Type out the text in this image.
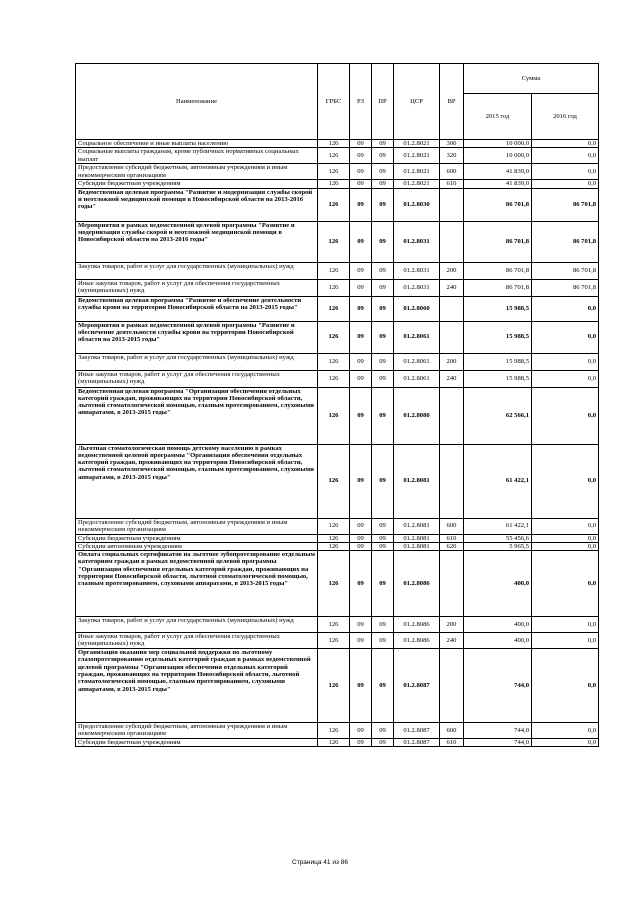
Наименование	ГРБС	РЗ	ПР	ЦСР	ВР	Сумма	
						2015 год	2016 год
Социальное обеспечение и иные выплаты населению	126	09	09	01.2.8021	300	10 000,0	0,0
Социальные выплаты гражданам, кроме публичных нормативных социальных выплат	126	09	09	01.2.8021	320	10 000,0	0,0
Предоставление субсидий бюджетным, автономным учреждениям и иным некоммерческим организациям	126	09	09	01.2.8021	600	41 839,0	0,0
Субсидии бюджетным учреждениям	126	09	09	01.2.8021	610	41 839,0	0,0
Ведомственная целевая программа "Развитие и модернизация службы скорой и неотложной медицинской помощи в Новосибирской области на 2013-2016 годы"	126	09	09	01.2.8030		86 701,8	86 701,8
Мероприятия в рамках ведомственной целевой программы "Развитие и модернизация службы скорой и неотложной медицинской помощи в Новосибирской области на 2013-2016 годы"	126	09	09	01.2.8031		86 701,8	86 701,8
Закупка товаров, работ и услуг для государственных (муниципальных) нужд	126	09	09	01.2.8031	200	86 701,8	86 701,8
Иные закупки товаров, работ и услуг для обеспечения государственных (муниципальных) нужд	126	09	09	01.2.8031	240	86 701,8	86 701,8
Ведомственная целевая программа "Развитие и обеспечение деятельности службы крови на территории Новосибирской области на 2013-2015 годы"	126	09	09	01.2.8060		15 988,5	0,0
Мероприятия в рамках ведомственной целевой программы "Развитие и обеспечение деятельности службы крови на территории Новосибирской области на 2013-2015 годы"	126	09	09	01.2.8061		15 988,5	0,0
Закупка товаров, работ и услуг для государственных (муниципальных) нужд	126	09	09	01.2.8061	200	15 988,5	0,0
Иные закупки товаров, работ и услуг для обеспечения государственных (муниципальных) нужд	126	09	09	01.2.8061	240	15 988,5	0,0
Ведомственная целевая программа "Организация обеспечения отдельных категорий граждан, проживающих на территории Новосибирской области, льготной стоматологической помощью, глазным протезированием, слуховыми аппаратами, в 2013-2015 годы"	126	09	09	01.2.8080		62 566,1	0,0
Льготная стоматологическая помощь детскому населению в рамках ведомственной целевой программы "Организация обеспечения отдельных категорий граждан, проживающих на территории Новосибирской области, льготной стоматологической помощью, глазным протезированием, слуховыми аппаратами, в 2013-2015 годы"	126	09	09	01.2.8081		61 422,1	0,0
Предоставление субсидий бюджетным, автономным учреждениям и иным некоммерческим организациям	126	09	09	01.2.8081	600	61 422,1	0,0
Субсидии бюджетным учреждениям	126	09	09	01.2.8081	610	55 456,6	0,0
Субсидии автономным учреждениям	126	09	09	01.2.8081	620	5 965,5	0,0
Оплата социальных сертификатов на льготное зубопротезирование отдельным категориям граждан в рамках ведомственной целевой программы "Организация обеспечения отдельных категорий граждан, проживающих на территории Новосибирской области, льготной стоматологической помощью, глазным протезированием, слуховыми аппаратами, в 2013-2015 годы"	126	09	09	01.2.8086		400,0	0,0
Закупка товаров, работ и услуг для государственных (муниципальных) нужд	126	09	09	01.2.8086	200	400,0	0,0
Иные закупки товаров, работ и услуг для обеспечения государственных (муниципальных) нужд	126	09	09	01.2.8086	240	400,0	0,0
Организация оказания мер социальной поддержки по льготному глазопротезированию отдельных категорий граждан в рамках ведомственной целевой программы "Организация обеспечения отдельных категорий граждан, проживающих на территории Новосибирской области, льготной стоматологической помощью, глазным протезированием, слуховыми аппаратами, в 2013-2015 годы"	126	09	09	01.2.8087		744,0	0,0
Предоставление субсидий бюджетным, автономным учреждениям и иным некоммерческим организациям	126	09	09	01.2.8087	600	744,0	0,0
Субсидии бюджетным учреждениям	126	09	09	01.2.8087	610	744,0	0,0
Страница 41 из 86
